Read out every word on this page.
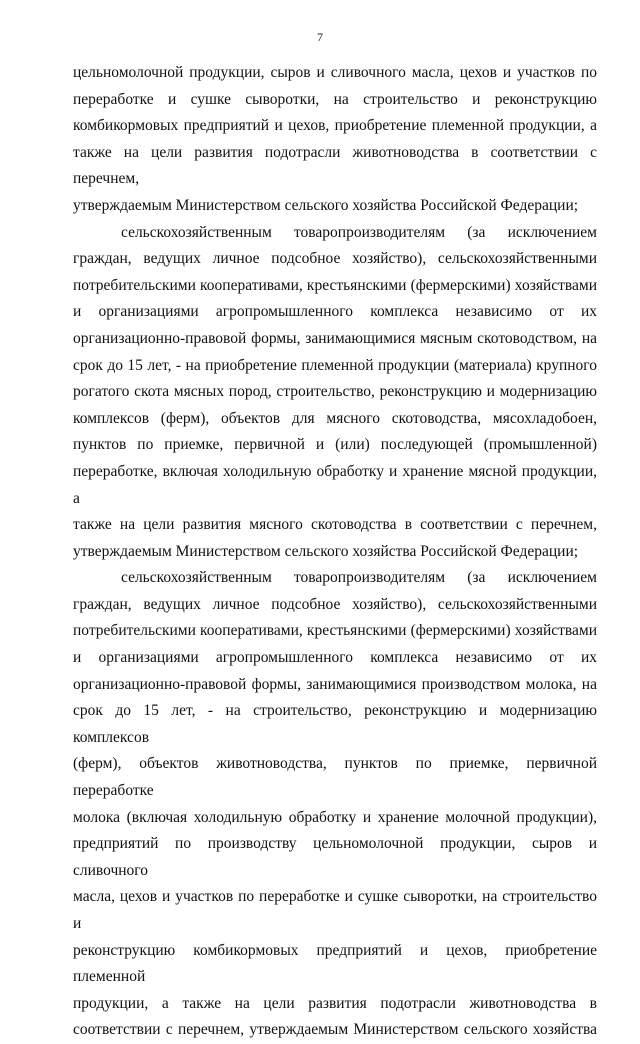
7

цельномолочной продукции, сыров и сливочного масла, цехов и участков по

переработке и сушке сыворотки, на строительство и реконструкцию

комбикормовых предприятий и цехов, приобретение племенной продукции, а

также на цели развития подотрасли животноводства в соответствии с перечнем,

утверждаемым Министерством сельского хозяйства Российской Федерации;

сельскохозяйственным товаропроизводителям (за исключением

граждан, ведущих личное подсобное хозяйство), сельскохозяйственными

потребительскими кооперативами, крестьянскими (фермерскими) хозяйствами

и организациями агропромышленного комплекса независимо от их

организационно-правовой формы, занимающимися мясным скотоводством, на

срок до 15 лет, - на приобретение племенной продукции (материала) крупного

рогатого скота мясных пород, строительство, реконструкцию и модернизацию

комплексов (ферм), объектов для мясного скотоводства, мясохладобоен,

пунктов по приемке, первичной и (или) последующей (промышленной)

переработке, включая холодильную обработку и хранение мясной продукции, а

также на цели развития мясного скотоводства в соответствии с перечнем,

утверждаемым Министерством сельского хозяйства Российской Федерации;

сельскохозяйственным товаропроизводителям (за исключением

граждан, ведущих личное подсобное хозяйство), сельскохозяйственными

потребительскими кооперативами, крестьянскими (фермерскими) хозяйствами

и организациями агропромышленного комплекса независимо от их

организационно-правовой формы, занимающимися производством молока, на

срок до 15 лет, - на строительство, реконструкцию и модернизацию комплексов

(ферм), объектов животноводства, пунктов по приемке, первичной переработке

молока (включая холодильную обработку и хранение молочной продукции),

предприятий по производству цельномолочной продукции, сыров и сливочного

масла, цехов и участков по переработке и сушке сыворотки, на строительство и

реконструкцию комбикормовых предприятий и цехов, приобретение племенной

продукции, а также на цели развития подотрасли животноводства в

соответствии с перечнем, утверждаемым Министерством сельского хозяйства
